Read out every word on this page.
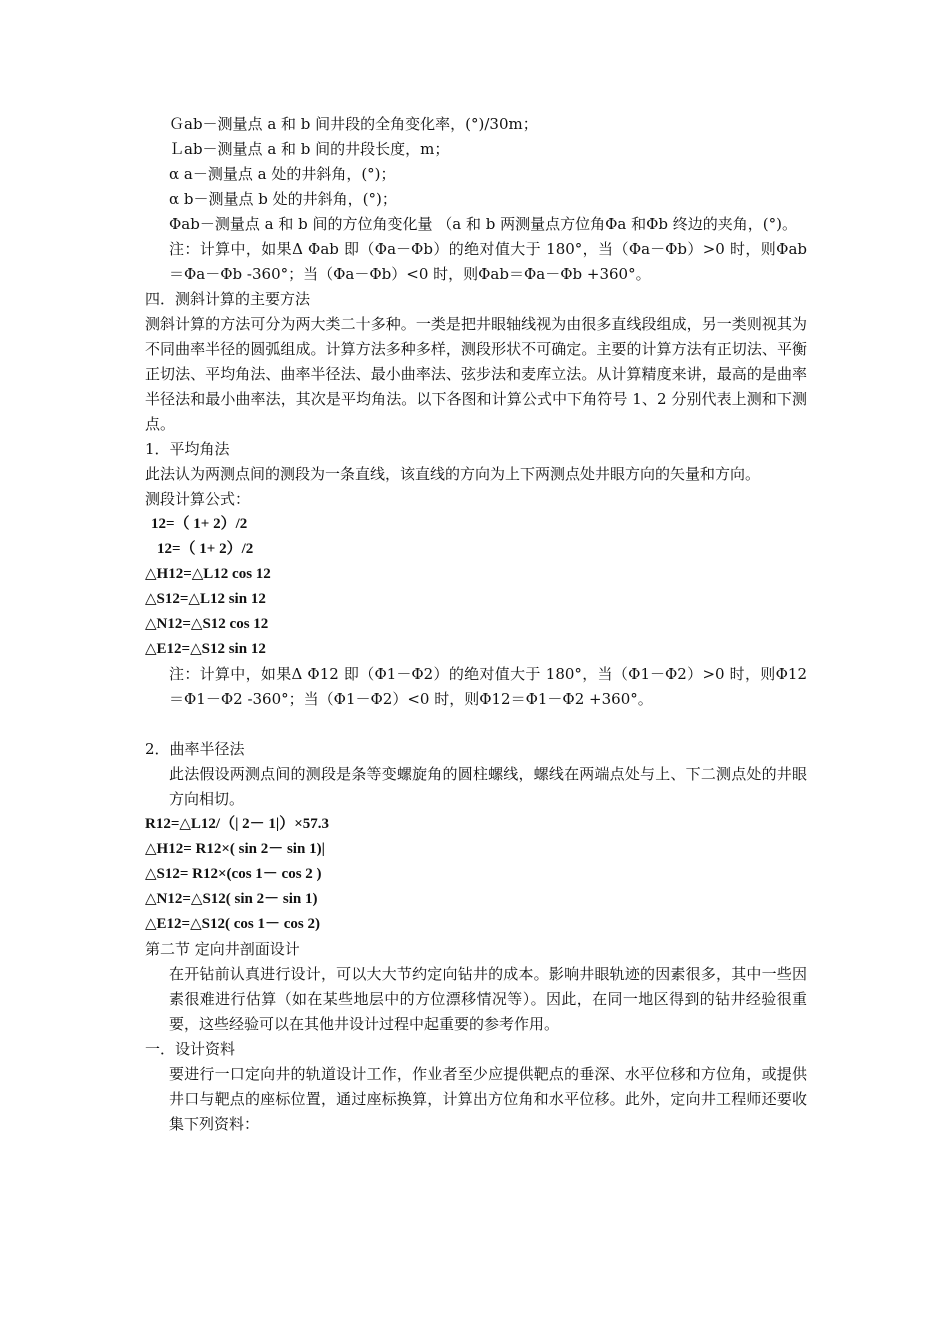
Ｇab－测量点 a 和 b 间井段的全角变化率，(°)/30m；
Ｌab－测量点 a 和 b 间的井段长度，m；
α a－测量点 a 处的井斜角，(°)；
α b－测量点 b 处的井斜角，(°)；
Φab－测量点 a 和 b 间的方位角变化量 （a 和 b 两测量点方位角Φa 和Φb 终边的夹角，(°)。
注：计算中，如果Δ Φab 即（Φa－Φb）的绝对值大于 180°，当（Φa－Φb）>0 时，则Φab＝Φa－Φb -360°；当（Φa－Φb）<0 时，则Φab＝Φa－Φb +360°。
四．测斜计算的主要方法
测斜计算的方法可分为两大类二十多种。一类是把井眼轴线视为由很多直线段组成，另一类则视其为不同曲率半径的圆弧组成。计算方法多种多样，测段形状不可确定。主要的计算方法有正切法、平衡正切法、平均角法、曲率半径法、最小曲率法、弦步法和麦库立法。从计算精度来讲，最高的是曲率半径法和最小曲率法，其次是平均角法。以下各图和计算公式中下角符号 1、2 分别代表上测和下测点。
1．平均角法
此法认为两测点间的测段为一条直线，该直线的方向为上下两测点处井眼方向的矢量和方向。
测段计算公式：
12=（ 1+ 2）/2
12=（ 1+ 2）/2
△H12=△L12 cos 12
△S12=△L12 sin 12
△N12=△S12 cos 12
△E12=△S12 sin 12
注：计算中，如果Δ Φ12 即（Φ1－Φ2）的绝对值大于 180°，当（Φ1－Φ2）>0 时，则Φ12＝Φ1－Φ2 -360°；当（Φ1－Φ2）<0 时，则Φ12＝Φ1－Φ2 +360°。
2．曲率半径法
此法假设两测点间的测段是条等变螺旋角的圆柱螺线，螺线在两端点处与上、下二测点处的井眼方向相切。
R12=△L12/（| 2－ 1|）×57.3
△H12= R12×( sin 2－ sin 1)|
△S12= R12×(cos 1－ cos 2 )
△N12=△S12( sin 2－ sin 1)
△E12=△S12( cos 1－ cos 2)
第二节 定向井剖面设计
在开钻前认真进行设计，可以大大节约定向钻井的成本。影响井眼轨迹的因素很多，其中一些因素很难进行估算（如在某些地层中的方位漂移情况等）。因此，在同一地区得到的钻井经验很重要，这些经验可以在其他井设计过程中起重要的参考作用。
一．设计资料
要进行一口定向井的轨道设计工作，作业者至少应提供靶点的垂深、水平位移和方位角，或提供井口与靶点的座标位置，通过座标换算，计算出方位角和水平位移。此外，定向井工程师还要收集下列资料：
